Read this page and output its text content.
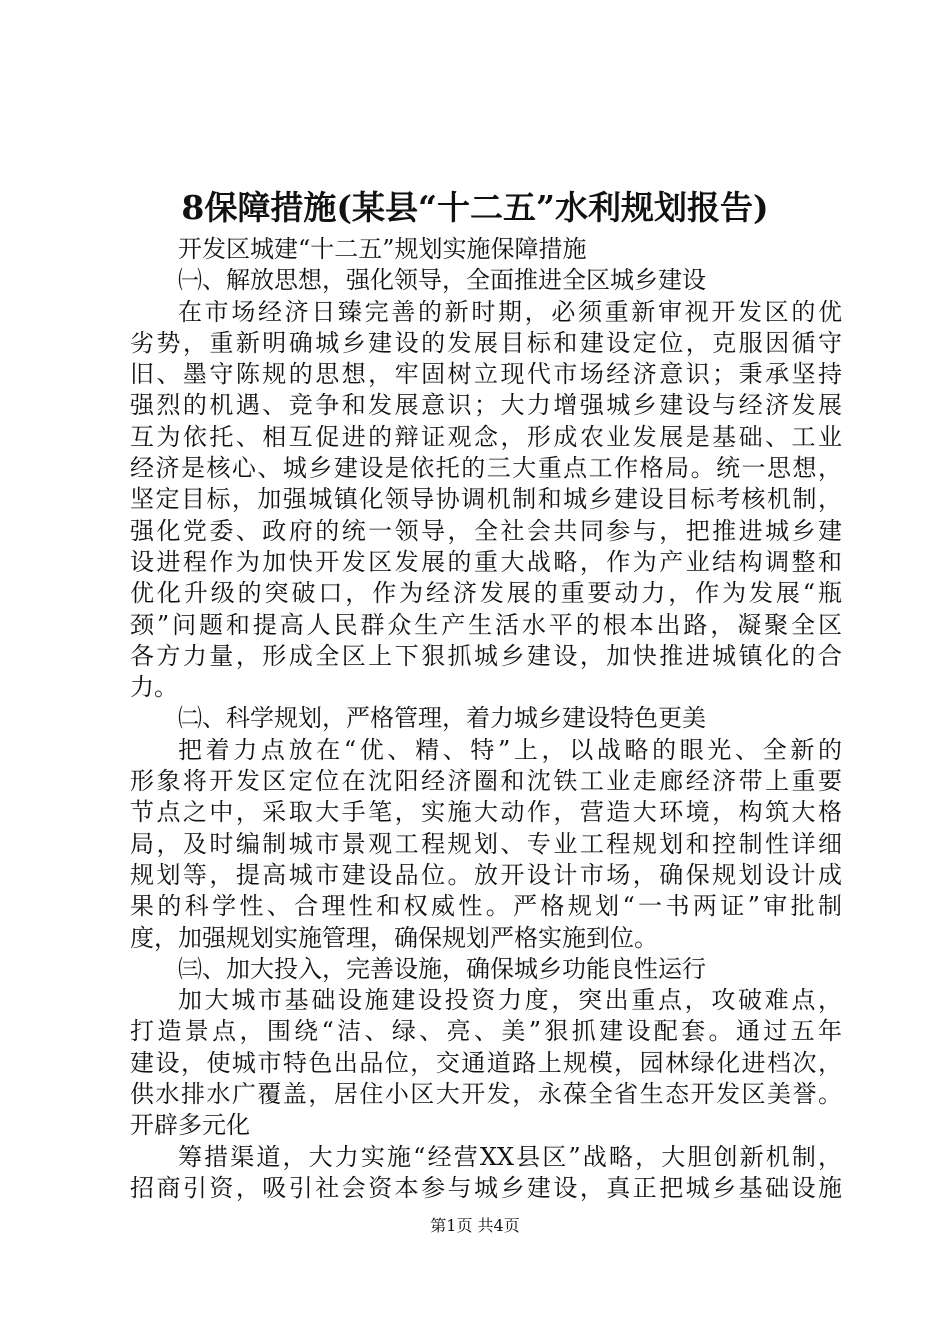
8保障措施(某县“十二五”水利规划报告)
开发区城建“十二五”规划实施保障措施
㈠、解放思想，强化领导，全面推进全区城乡建设
在市场经济日臻完善的新时期，必须重新审视开发区的优
劣势，重新明确城乡建设的发展目标和建设定位，克服因循守
旧、墨守陈规的思想，牢固树立现代市场经济意识；秉承坚持
强烈的机遇、竞争和发展意识；大力增强城乡建设与经济发展
互为依托、相互促进的辩证观念，形成农业发展是基础、工业
经济是核心、城乡建设是依托的三大重点工作格局。统一思想，
坚定目标，加强城镇化领导协调机制和城乡建设目标考核机制，
强化党委、政府的统一领导，全社会共同参与，把推进城乡建
设进程作为加快开发区发展的重大战略，作为产业结构调整和
优化升级的突破口，作为经济发展的重要动力，作为发展“瓶
颈”问题和提高人民群众生产生活水平的根本出路，凝聚全区
各方力量，形成全区上下狠抓城乡建设，加快推进城镇化的合
力。
㈡、科学规划，严格管理，着力城乡建设特色更美
把着力点放在“优、精、特”上，以战略的眼光、全新的
形象将开发区定位在沈阳经济圈和沈铁工业走廊经济带上重要
节点之中，采取大手笔，实施大动作，营造大环境，构筑大格
局，及时编制城市景观工程规划、专业工程规划和控制性详细
规划等，提高城市建设品位。放开设计市场，确保规划设计成
果的科学性、合理性和权威性。严格规划“一书两证”审批制
度，加强规划实施管理，确保规划严格实施到位。
㈢、加大投入，完善设施，确保城乡功能良性运行
加大城市基础设施建设投资力度，突出重点，攻破难点，
打造景点，围绕“洁、绿、亮、美”狠抓建设配套。通过五年
建设，使城市特色出品位，交通道路上规模，园林绿化进档次，
供水排水广覆盖，居住小区大开发，永葆全省生态开发区美誉。
开辟多元化
筹措渠道，大力实施“经营XX县区”战略，大胆创新机制，
招商引资，吸引社会资本参与城乡建设，真正把城乡基础设施
第1页 共4页
